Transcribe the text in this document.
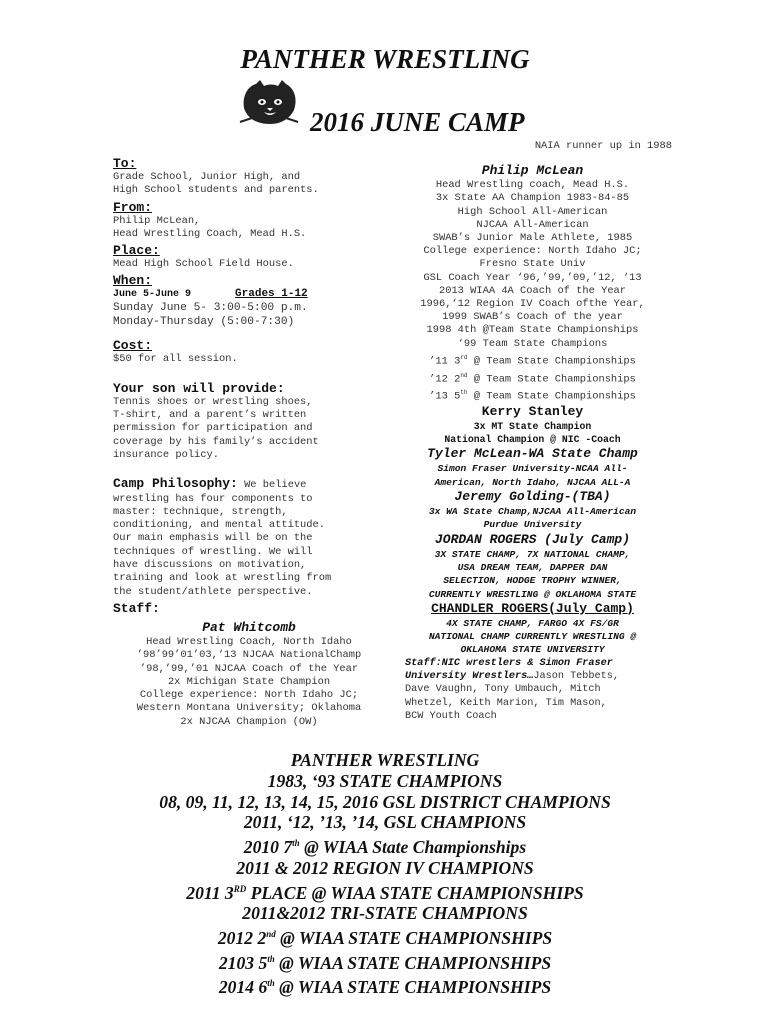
PANTHER WRESTLING
2016 JUNE CAMP
To:
Grade School, Junior High, and
High School students and parents.
From:
Philip McLean,
Head Wrestling Coach, Mead H.S.
Place:
Mead High School Field House.
When:
June 5-June 9	Grades 1-12
Sunday June 5- 3:00-5:00 p.m.
Monday-Thursday (5:00-7:30)
Cost:
$50 for all session.
Your son will provide:
Tennis shoes or wrestling shoes,
T-shirt, and a parent’s written
permission for participation and
coverage by his family’s accident
insurance policy.
Camp Philosophy: We believe
wrestling has four components to
master: technique, strength,
conditioning, and mental attitude.
Our main emphasis will be on the
techniques of wrestling. We will
have discussions on motivation,
training and look at wrestling from
the student/athlete perspective.
Staff:
Pat Whitcomb
Head Wrestling Coach, North Idaho
’98’99’01’03,‘13 NJCAA NationalChamp
’98,’99,’01 NJCAA Coach of the Year
2x Michigan State Champion
College experience: North Idaho JC;
Western Montana University; Oklahoma
2x NJCAA Champion (OW)
NAIA runner up in 1988
Philip McLean
Head Wrestling coach, Mead H.S.
3x State AA Champion 1983-84-85
High School All-American
NJCAA All-American
SWAB’s Junior Male Athlete, 1985
College experience: North Idaho JC;
Fresno State Univ
GSL Coach Year ‘96,’99,’09,’12, ‘13
2013 WIAA 4A Coach of the Year
1996,‘12 Region IV Coach ofthe Year,
1999 SWAB’s Coach of the year
1998 4th @Team State Championships
‘99 Team State Champions
’11 3rd @ Team State Championships
’12 2nd @ Team State Championships
’13 5th @ Team State Championships
Kerry Stanley
3x MT State Champion
National Champion @ NIC -Coach
Tyler McLean-WA State Champ
Simon Fraser University-NCAA All-
American, North Idaho, NJCAA ALL-A
Jeremy Golding-(TBA)
3x WA State Champ,NJCAA All-American
Purdue University
JORDAN ROGERS (July Camp)
3X STATE CHAMP, 7X NATIONAL CHAMP,
USA DREAM TEAM, DAPPER DAN
SELECTION, HODGE TROPHY WINNER,
CURRENTLY WRESTLING @ OKLAHOMA STATE
CHANDLER ROGERS(July Camp)
4X STATE CHAMP, FARGO 4X FS/GR
NATIONAL CHAMP CURRENTLY WRESTLING @
OKLAHOMA STATE UNIVERSITY
Staff:NIC wrestlers & Simon Fraser
University Wrestlers…Jason Tebbets,
Dave Vaughn, Tony Umbauch, Mitch
Whetzel, Keith Marion, Tim Mason,
BCW Youth Coach
PANTHER WRESTLING
1983, ‘93 STATE CHAMPIONS
08, 09, 11, 12, 13, 14, 15, 2016 GSL DISTRICT CHAMPIONS
2011, ‘12, ’13, ’14, GSL CHAMPIONS
2010 7th @ WIAA State Championships
2011 & 2012 REGION IV CHAMPIONS
2011 3RD PLACE @ WIAA STATE CHAMPIONSHIPS
2011&2012 TRI-STATE CHAMPIONS
2012 2nd @ WIAA STATE CHAMPIONSHIPS
2103 5th @ WIAA STATE CHAMPIONSHIPS
2014 6th @ WIAA STATE CHAMPIONSHIPS
